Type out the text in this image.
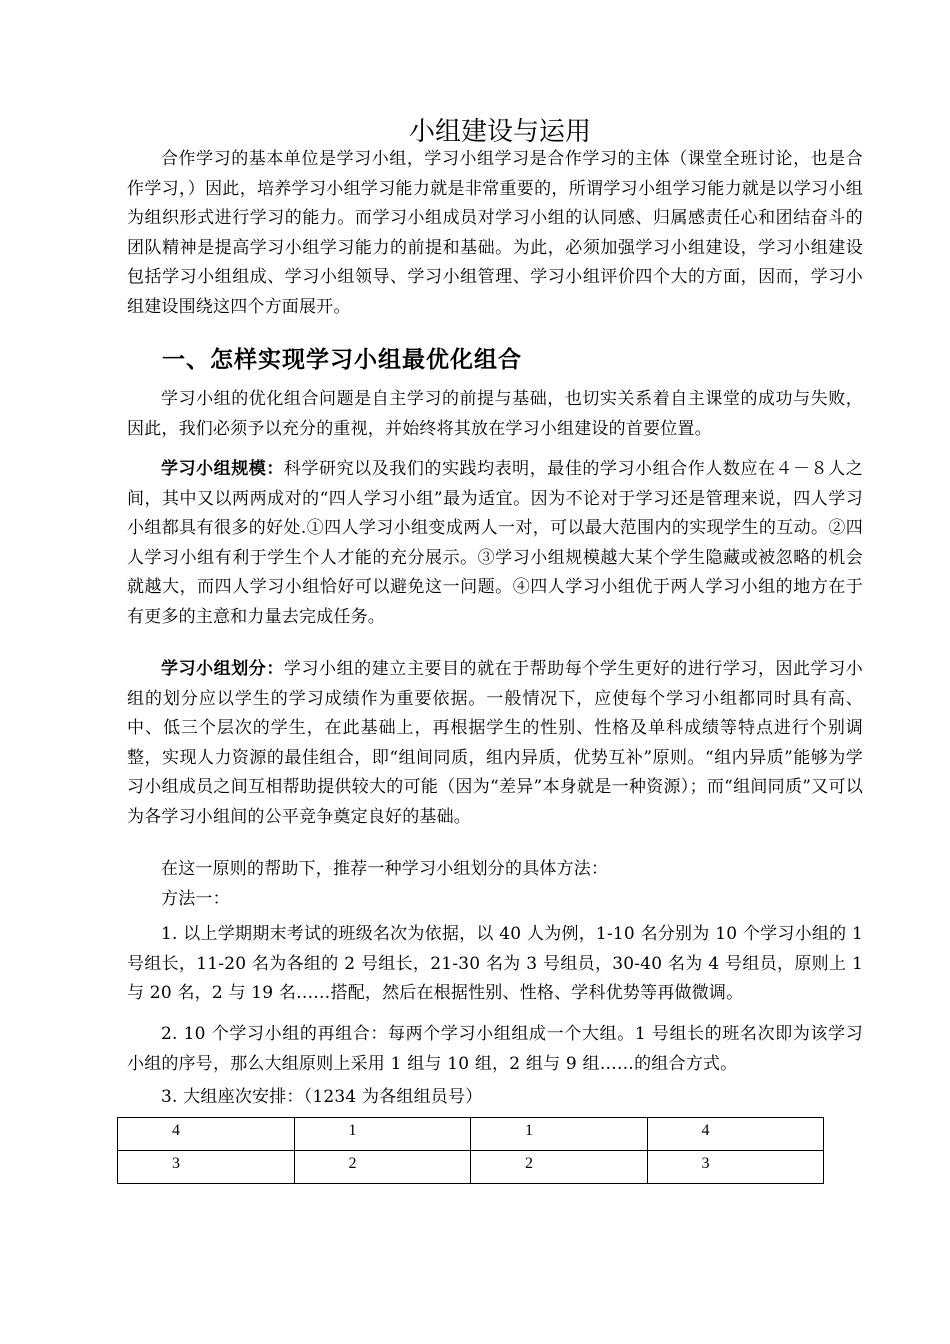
小组建设与运用
合作学习的基本单位是学习小组，学习小组学习是合作学习的主体（课堂全班讨论，也是合作学习，）因此，培养学习小组学习能力就是非常重要的，所谓学习小组学习能力就是以学习小组为组织形式进行学习的能力。而学习小组成员对学习小组的认同感、归属感责任心和团结奋斗的团队精神是提高学习小组学习能力的前提和基础。为此，必须加强学习小组建设，学习小组建设包括学习小组组成、学习小组领导、学习小组管理、学习小组评价四个大的方面，因而，学习小组建设围绕这四个方面展开。
一、怎样实现学习小组最优化组合
学习小组的优化组合问题是自主学习的前提与基础，也切实关系着自主课堂的成功与失败，因此，我们必须予以充分的重视，并始终将其放在学习小组建设的首要位置。
学习小组规模：科学研究以及我们的实践均表明，最佳的学习小组合作人数应在４－８人之间，其中又以两两成对的“四人学习小组”最为适宜。因为不论对于学习还是管理来说，四人学习小组都具有很多的好处.①四人学习小组变成两人一对，可以最大范围内的实现学生的互动。②四人学习小组有利于学生个人才能的充分展示。③学习小组规模越大某个学生隐藏或被忽略的机会就越大，而四人学习小组恰好可以避免这一问题。④四人学习小组优于两人学习小组的地方在于有更多的主意和力量去完成任务。
学习小组划分：学习小组的建立主要目的就在于帮助每个学生更好的进行学习，因此学习小组的划分应以学生的学习成绩作为重要依据。一般情况下，应使每个学习小组都同时具有高、中、低三个层次的学生，在此基础上，再根据学生的性别、性格及单科成绩等特点进行个别调整，实现人力资源的最佳组合，即“组间同质，组内异质，优势互补”原则。“组内异质”能够为学习小组成员之间互相帮助提供较大的可能（因为“差异”本身就是一种资源）；而“组间同质”又可以为各学习小组间的公平竞争奠定良好的基础。
在这一原则的帮助下，推荐一种学习小组划分的具体方法：
方法一：
1. 以上学期期末考试的班级名次为依据，以 40 人为例，1-10 名分别为 10 个学习小组的 1 号组长，11-20 名为各组的 2 号组长，21-30 名为 3 号组员，30-40 名为 4 号组员，原则上 1 与 20 名，2 与 19 名……搭配，然后在根据性别、性格、学科优势等再做微调。
2. 10 个学习小组的再组合：每两个学习小组组成一个大组。1 号组长的班名次即为该学习小组的序号，那么大组原则上采用 1 组与 10 组，2 组与 9 组……的组合方式。
3. 大组座次安排：（1234 为各组组员号）
4	1	1	4
3	2	2	3
